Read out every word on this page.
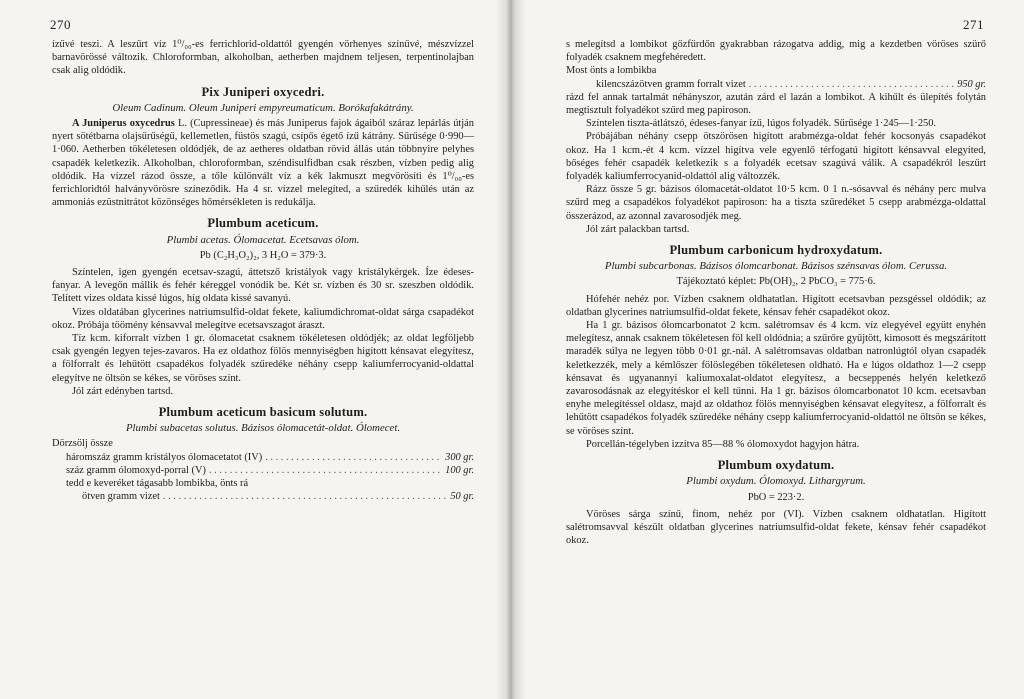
270

ízűvé teszi. A leszűrt víz 1⁰/₀₀-es ferrichlorid-oldattól gyengén vörhenyes színűvé, mészvízzel barnavörössé változik. Chloroformban, alkoholban, aetherben majdnem teljesen, terpentinolajban csak alig oldódik.

Pix Juniperi oxycedri.

Oleum Cadinum. Oleum Juniperi empyreumaticum. Borókafakátrány.

A Juniperus oxycedrus L. (Cupressineae) és más Juniperus fajok ágaiból száraz lepárlás útján nyert sötétbarna olajsűrűségű, kellemetlen, füstös szagú, csípős égető ízű kátrány. Sűrűsége 0·990—1·060. Aetherben tökéletesen oldódjék, de az aetheres oldatban rövid állás után többnyire pelyhes csapadék keletkezik. Alkoholban, chloroformban, széndisulfidban csak részben, vízben pedig alig oldódik. Ha vízzel rázod össze, a tőle különvált víz a kék lakmuszt megvörösíti és 1⁰/₀₀-es ferrichloridtól halványvörösre színeződik. Ha 4 sr. vízzel melegíted, a szűredék kihűlés után az ammoniás ezüstnitrátot közönséges hőmérsékleten is redukálja.

Plumbum aceticum.

Plumbi acetas. Ólomacetat. Ecetsavas ólom.

Pb (C₂H₃O₂)₂, 3 H₂O = 379·3.

Színtelen, igen gyengén ecetsav-szagú, áttetsző kristályok vagy kristálykérgek. Íze édeses-fanyar. A levegőn mállik és fehér kéreggel vonódik be. Két sr. vízben és 30 sr. szeszben oldódik. Telített vizes oldata kissé lúgos, híg oldata kissé savanyú.

Vizes oldatában glycerines natriumsulfid-oldat fekete, kaliumdichromat-oldat sárga csapadékot okoz. Próbája töömény kénsavval melegítve ecetsavszagot áraszt.

Tíz kcm. kiforralt vízben 1 gr. ólomacetat csaknem tökéletesen oldódjék; az oldat legföljebb csak gyengén legyen tejes-zavaros. Ha ez oldathoz fölös mennyiségben higított kénsavat elegyítesz, a fölforralt és lehűtött csapadékos folyadék szűredéke néhány csepp kaliumferrocyanid-oldattal elegyítve ne öltsön se kékes, se vöröses színt.

Jól zárt edényben tartsd.

Plumbum aceticum basicum solutum.

Plumbi subacetas solutus. Bázisos ólomacetát-oldat. Ólomecet.

Dörzsölj össze

háromszáz gramm kristályos ólomacetatot (IV) . . .	300 gr.
száz gramm ólomoxyd-porral (V) . . .	100 gr.

tedd e keveréket tágasabb lombikba, önts rá

ötven gramm vizet . . .	50 gr.
271

s melegítsd a lombikot gőzfürdőn gyakrabban rázogatva addig, mig a kezdetben vöröses szürő folyadék csaknem megfehéredett.

Most önts a lombikba

kilencszázötven gramm forralt vizet . . .	950 gr.

rázd fel annak tartalmát néhányszor, azután zárd el lazán a lombikot. A kihűlt és ülepítés folytán megtisztult folyadékot szűrd meg papiroson.

Színtelen tiszta-átlátszó, édeses-fanyar ízű, lúgos folyadék. Sűrűsége 1·245—1·250.

Próbájában néhány csepp ötszörösen higított arabmézga-oldat fehér kocsonyás csapadékot okoz. Ha 1 kcm.-ét 4 kcm. vízzel higítva vele egyenlő térfogatú higított kénsavval elegyíted, bőséges fehér csapadék keletkezik s a folyadék ecetsav szagúvá válik. A csapadékról leszűrt folyadék kaliumferrocyanid-oldattól alig változzék.

Rázz össze 5 gr. bázisos ólomacetát-oldatot 10·5 kcm. 0 1 n.-sósavval és néhány perc mulva szűrd meg a csapadékos folyadékot papiroson: ha a tiszta szűredéket 5 csepp arabmézga-oldattal összerázod, az azonnal zavarosodjék meg.

Jól zárt palackban tartsd.

Plumbum carbonicum hydroxydatum.

Plumbi subcarbonas. Bázisos ólomcarbonat. Bázisos szénsavas ólom. Cerussa.

Tájékoztató képlet: Pb(OH)₂, 2 PbCO₃ = 775·6.

Hófehér nehéz por. Vízben csaknem oldhatatlan. Higított ecetsavban pezsgéssel oldódik; az oldatban glycerines natriumsulfid-oldat fekete, kénsav fehér csapadékot okoz.

Ha 1 gr. bázisos ólomcarbonatot 2 kcm. salétromsav és 4 kcm. víz elegyével együtt enyhén melegítesz, annak csaknem tökéletesen föl kell oldódnia; a szűrőre gyűjtött, kimosott és megszárított maradék súlya ne legyen több 0·01 gr.-nál. A salétromsavas oldatban natronlúgtól olyan csapadék keletkezzék, mely a kémlőszer fölöslegében tökéletesen oldható. Ha e lúgos oldathoz 1—2 csepp kénsavat és ugyanannyi kaliumoxalat-oldatot elegyítesz, a becseppenés helyén keletkező zavarosodásnak az elegyítéskor el kell tűnni. Ha 1 gr. bázisos ólomcarbonatot 10 kcm. ecetsavban enyhe melegítéssel oldasz, majd az oldathoz fölös mennyiségben kénsavat elegyítesz, a fölforralt és lehűtött csapadékos folyadék szűredéke néhány csepp kaliumferrocyanid-oldattól ne öltsön se kékes, se vöröses színt.

Porcellán-tégelyben izzítva 85—88 % ólomoxydot hagyjon hátra.

Plumbum oxydatum.

Plumbi oxydum. Ólomoxyd. Lithargyrum.

PbO = 223·2.

Vöröses sárga színű, finom, nehéz por (VI). Vízben csaknem oldhatatlan. Higított salétromsavval készült oldatban glycerines natriumsulfid-oldat fekete, kénsav fehér csapadékot okoz.
